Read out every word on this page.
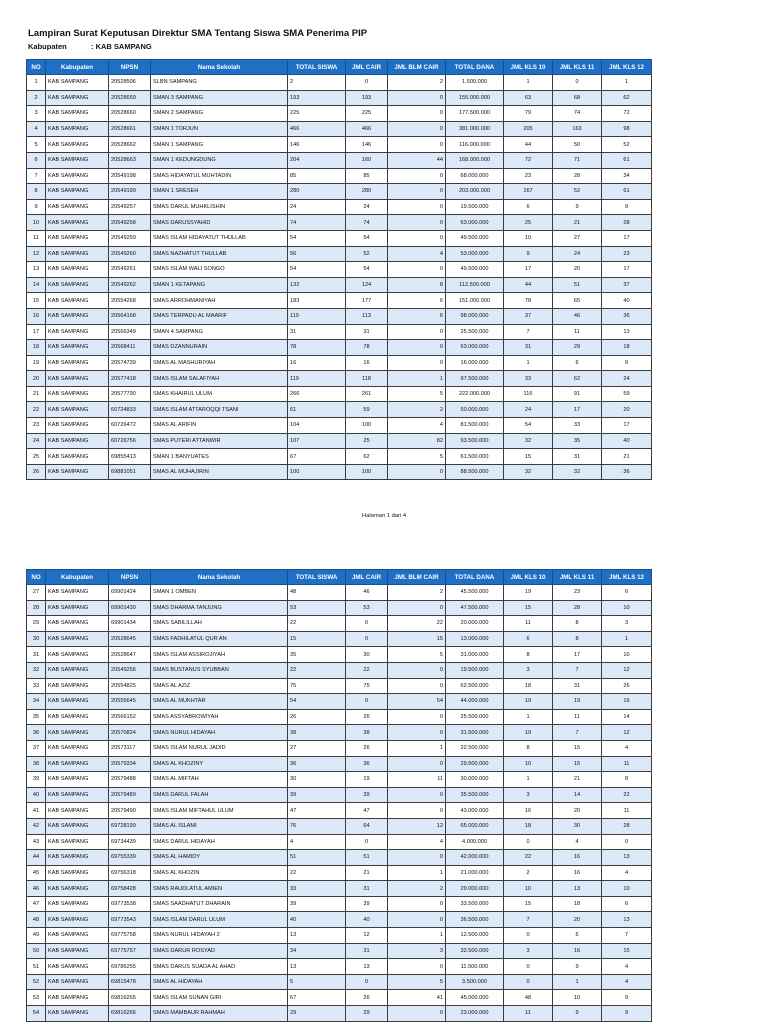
Lampiran Surat Keputusan Direktur SMA Tentang Siswa SMA Penerima PIP
Kabupaten	: KAB SAMPANG
NO	Kabupaten	NPSN	Nama Sekolah	TOTAL SISWA	JML CAIR	JML BLM CAIR	TOTAL DANA	JML KLS 10	JML KLS 11	JML KLS 12
1	KAB SAMPANG	20528506	SLBN SAMPANG	2	0	2	1.500.000	1	0	1
2	KAB SAMPANG	20528659	SMAN 3 SAMPANG	193	193	0	155.000.000	63	68	62
3	KAB SAMPANG	20528660	SMAN 2 SAMPANG	225	225	0	177.500.000	79	74	72
4	KAB SAMPANG	20528661	SMAN 1 TORJUN	466	466	0	381.000.000	205	163	98
5	KAB SAMPANG	20528662	SMAN 1 SAMPANG	146	146	0	116.000.000	44	50	52
6	KAB SAMPANG	20528663	SMAN 1 KEDUNGDUNG	204	160	44	168.000.000	72	71	61
7	KAB SAMPANG	20549198	SMAS HIDAYATUL MUHTADIN	85	85	0	68.000.000	23	28	34
8	KAB SAMPANG	20549199	SMAN 1 SRESEH	280	280	0	203.000.000	167	52	61
9	KAB SAMPANG	20549257	SMAS DARUL MUHKLISHIN	24	24	0	19.500.000	6	9	9
10	KAB SAMPANG	20549258	SMAS DARUSSYAHID	74	74	0	63.000.000	25	21	28
11	KAB SAMPANG	20549259	SMAS ISLAM HIDAYATUT THULLAB	54	54	0	49.500.000	10	27	17
12	KAB SAMPANG	20549260	SMAS NAZHATUT THULLAB	56	52	4	53.000.000	9	24	23
13	KAB SAMPANG	20549261	SMAS ISLAM WALI SONGO	54	54	0	49.500.000	17	20	17
14	KAB SAMPANG	20549262	SMAN 1 KETAPANG	132	124	8	112.500.000	44	51	37
15	KAB SAMPANG	20554268	SMAS ARROHMANIYAH	183	177	6	151.000.000	78	65	40
16	KAB SAMPANG	20564168	SMAS TERPADU AL MAARIF	119	113	6	98.000.000	37	46	36
17	KAB SAMPANG	20566349	SMAN 4 SAMPANG	31	31	0	25.500.000	7	11	13
18	KAB SAMPANG	20568411	SMAS DZANNURAIN	78	78	0	63.000.000	31	29	18
19	KAB SAMPANG	20574739	SMAS AL MASHURIYAH	16	16	0	16.000.000	1	6	9
20	KAB SAMPANG	20577418	SMAS ISLAM SALAFIYAH	119	118	1	97.500.000	33	62	24
21	KAB SAMPANG	20577790	SMAS KHAIRUL ULUM	266	261	5	222.000.000	116	91	59
22	KAB SAMPANG	60724833	SMAS ISLAM ATTAROQQI TSANI	61	59	2	50.000.000	24	17	20
23	KAB SAMPANG	60726472	SMAS AL ARIFIN	104	100	4	81.500.000	54	33	17
24	KAB SAMPANG	60726756	SMAS PUTERI ATTANWIR	107	25	82	93.500.000	32	35	40
25	KAB SAMPANG	69855413	SMAN 1 BANYUATES	67	62	5	61.500.000	15	31	21
26	KAB SAMPANG	69881051	SMAS AL MUHAJIRIN	100	100	0	88.500.000	32	32	36
Halaman 1 dari 4
NO	Kabupaten	NPSN	Nama Sekolah	TOTAL SISWA	JML CAIR	JML BLM CAIR	TOTAL DANA	JML KLS 10	JML KLS 11	JML KLS 12
27	KAB SAMPANG	69901424	SMAN 1 OMBEN	48	46	2	45.500.000	19	23	6
28	KAB SAMPANG	69901430	SMAS DHARMA TANJUNG	53	53	0	47.500.000	15	28	10
29	KAB SAMPANG	69901434	SMAS SABILILLAH	22	0	22	20.000.000	11	8	3
30	KAB SAMPANG	20528645	SMAS FADHILATUL QUR AN	15	0	15	13.000.000	6	8	1
31	KAB SAMPANG	20528647	SMAS ISLAM ASSIROJIYAH	35	30	5	31.000.000	8	17	10
32	KAB SAMPANG	20549256	SMAS BUSTANUS SYUBBAN	22	22	0	19.500.000	3	7	12
33	KAB SAMPANG	20554825	SMAS AL AZIZ	75	75	0	62.500.000	18	31	26
34	KAB SAMPANG	20555645	SMAS AL MUKHTAR	54	0	54	44.000.000	19	19	16
35	KAB SAMPANG	20566152	SMAS ASSYABROWIYAH	26	26	0	25.500.000	1	11	14
36	KAB SAMPANG	20570824	SMAS NURUL HIDAYAH	38	38	0	31.500.000	19	7	12
37	KAB SAMPANG	20573117	SMAS ISLAM NURUL JADID	27	26	1	22.500.000	8	15	4
38	KAB SAMPANG	20579334	SMAS AL KHOZINY	36	36	0	29.500.000	10	15	11
39	KAB SAMPANG	20579488	SMAS AL MIFTAH	30	19	11	30.000.000	1	21	8
40	KAB SAMPANG	20579489	SMAS DARUL FALAH	39	39	0	35.500.000	3	14	22
41	KAB SAMPANG	20579490	SMAS ISLAM MIFTAHUL ULUM	47	47	0	43.000.000	16	20	11
42	KAB SAMPANG	69728199	SMAS AL ISLAMI	76	64	12	65.000.000	18	30	28
43	KAB SAMPANG	69734439	SMAS DARUL HIDAYAH	4	0	4	4.000.000	0	4	0
44	KAB SAMPANG	69755339	SMAS AL HAMIDY	51	51	0	42.000.000	22	16	13
45	KAB SAMPANG	69756318	SMAS AL KHOZIN	22	21	1	21.000.000	2	16	4
46	KAB SAMPANG	69758428	SMAS RAUDLATUL AMIEN	33	31	2	29.000.000	10	13	10
47	KAB SAMPANG	69773538	SMAS SAADHATUT DHARAIN	39	39	0	33.500.000	15	18	6
48	KAB SAMPANG	69773543	SMAS ISLAM DARUL ULUM	40	40	0	36.500.000	7	20	13
49	KAB SAMPANG	69775758	SMAS NURUL HIDAYAH 2	13	12	1	12.500.000	0	6	7
50	KAB SAMPANG	69775757	SMAS DARUR ROSYAD	34	31	3	32.500.000	3	16	15
51	KAB SAMPANG	69786255	SMAS DARUS SUADA AL AHAD	13	13	0	11.500.000	0	9	4
52	KAB SAMPANG	69815478	SMAS AL HIDAYAH	5	0	5	3.500.000	0	1	4
53	KAB SAMPANG	69816265	SMAS ISLAM SUNAN GIRI	67	26	41	45.000.000	48	10	9
54	KAB SAMPANG	69816266	SMAS MAMBAUR RAHMAH	29	29	0	23.000.000	11	9	9
